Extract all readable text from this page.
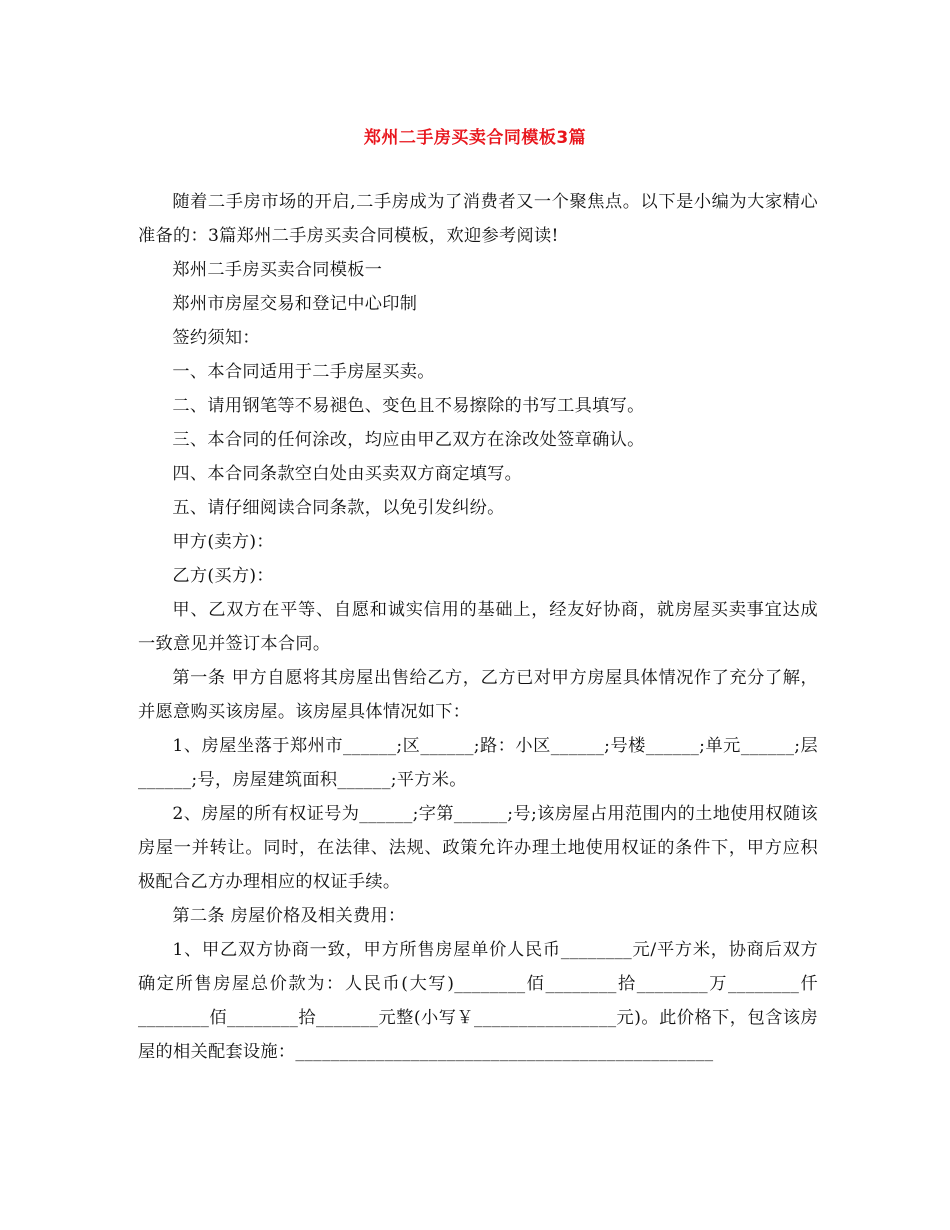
郑州二手房买卖合同模板3篇

随着二手房市场的开启,二手房成为了消费者又一个聚焦点。以下是小编为大家精心准备的：3篇郑州二手房买卖合同模板，欢迎参考阅读!

郑州二手房买卖合同模板一

郑州市房屋交易和登记中心印制

签约须知：

一、本合同适用于二手房屋买卖。

二、请用钢笔等不易褪色、变色且不易擦除的书写工具填写。

三、本合同的任何涂改，均应由甲乙双方在涂改处签章确认。

四、本合同条款空白处由买卖双方商定填写。

五、请仔细阅读合同条款，以免引发纠纷。

甲方(卖方)：

乙方(买方)：

甲、乙双方在平等、自愿和诚实信用的基础上，经友好协商，就房屋买卖事宜达成一致意见并签订本合同。

第一条 甲方自愿将其房屋出售给乙方，乙方已对甲方房屋具体情况作了充分了解，并愿意购买该房屋。该房屋具体情况如下：

1、房屋坐落于郑州市______;区______;路：小区______;号楼______;单元______;层______;号，房屋建筑面积______;平方米。

2、房屋的所有权证号为______;字第______;号;该房屋占用范围内的土地使用权随该房屋一并转让。同时，在法律、法规、政策允许办理土地使用权证的条件下，甲方应积极配合乙方办理相应的权证手续。

第二条 房屋价格及相关费用：

1、甲乙双方协商一致，甲方所售房屋单价人民币________元/平方米，协商后双方确定所售房屋总价款为：人民币(大写)________佰________拾________万________仟________佰________拾_______元整(小写￥________________元)。此价格下，包含该房屋的相关配套设施：_______________________________________________
